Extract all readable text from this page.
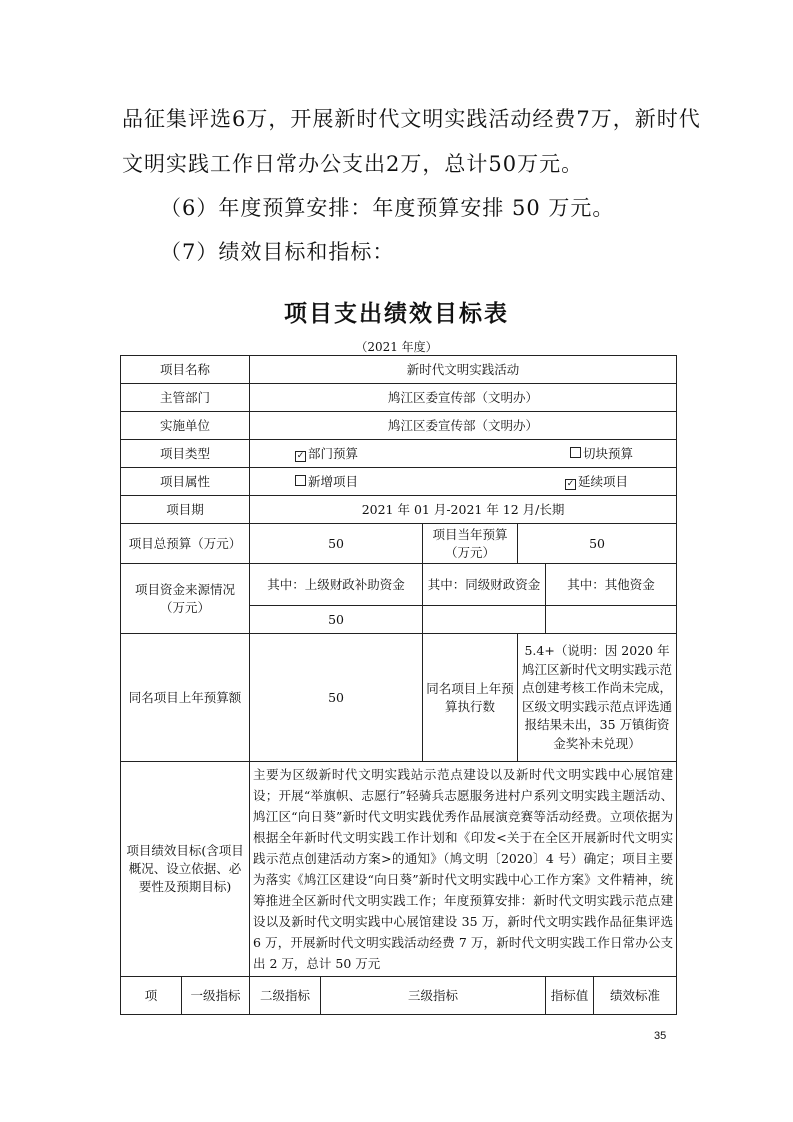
品征集评选6万，开展新时代文明实践活动经费7万，新时代
文明实践工作日常办公支出2万，总计50万元。
（6）年度预算安排：年度预算安排 50 万元。
（7）绩效目标和指标：
项目支出绩效目标表
（2021 年度）
项目名称		新时代文明实践活动					
主管部门		鸠江区委宣传部（文明办）					
实施单位		鸠江区委宣传部（文明办）					
项目类型		✓ 部门预算 切块预算					

项目属性		新增项目 ✓ 延续项目					

项目期		2021 年 01 月-2021 年 12 月/长期					
项目总预算（万元）		50		项目当年预算（万元）	50		
项目资金来源情况（万元）		其中：上级财政补助资金		其中：同级财政资金		其中：其他资金	
		50					
同名项目上年预算额		50		同名项目上年预算执行数	5.4+（说明：因 2020 年鸠江区新时代文明实践示范点创建考核工作尚未完成，区级文明实践示范点评选通报结果未出，35 万镇街资金奖补未兑现）		
项目绩效目标(含项目概况、设立依据、必要性及预期目标)		主要为区级新时代文明实践站示范点建设以及新时代文明实践中心展馆建设；开展“举旗帜、志愿行”轻骑兵志愿服务进村户系列文明实践主题活动、鸠江区“向日葵”新时代文明实践优秀作品展演竞赛等活动经费。立项依据为根据全年新时代文明实践工作计划和《印发<关于在全区开展新时代文明实践示范点创建活动方案>的通知》（鸠文明〔2020〕4 号）确定；项目主要为落实《鸠江区建设“向日葵”新时代文明实践中心工作方案》文件精神，统筹推进全区新时代文明实践工作；年度预算安排：新时代文明实践示范点建设以及新时代文明实践中心展馆建设 35 万，新时代文明实践作品征集评选 6 万，开展新时代文明实践活动经费 7 万，新时代文明实践工作日常办公支出 2 万，总计 50 万元					
项	一级指标	二级指标	三级指标			指标值	绩效标准
35
